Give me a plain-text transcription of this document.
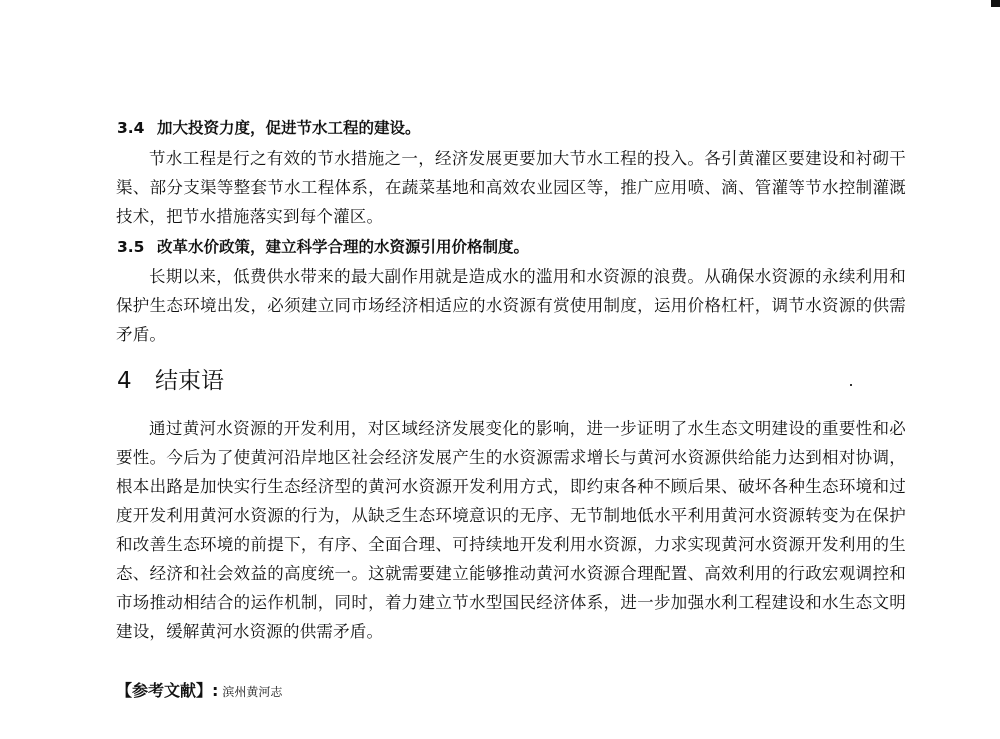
3.4 加大投资力度，促进节水工程的建设。

节水工程是行之有效的节水措施之一，经济发展更要加大节水工程的投入。各引黄灌区要建设和衬砌干渠、部分支渠等整套节水工程体系，在蔬菜基地和高效农业园区等，推广应用喷、滴、管灌等节水控制灌溉技术，把节水措施落实到每个灌区。

3.5 改革水价政策，建立科学合理的水资源引用价格制度。

长期以来，低费供水带来的最大副作用就是造成水的滥用和水资源的浪费。从确保水资源的永续利用和保护生态环境出发，必须建立同市场经济相适应的水资源有赏使用制度，运用价格杠杆，调节水资源的供需矛盾。

4 结束语

通过黄河水资源的开发利用，对区域经济发展变化的影响，进一步证明了水生态文明建设的重要性和必要性。今后为了使黄河沿岸地区社会经济发展产生的水资源需求增长与黄河水资源供给能力达到相对协调，根本出路是加快实行生态经济型的黄河水资源开发利用方式，即约束各种不顾后果、破坏各种生态环境和过度开发利用黄河水资源的行为，从缺乏生态环境意识的无序、无节制地低水平利用黄河水资源转变为在保护和改善生态环境的前提下，有序、全面合理、可持续地开发利用水资源，力求实现黄河水资源开发利用的生态、经济和社会效益的高度统一。这就需要建立能够推动黄河水资源合理配置、高效利用的行政宏观调控和市场推动相结合的运作机制，同时，着力建立节水型国民经济体系，进一步加强水利工程建设和水生态文明建设，缓解黄河水资源的供需矛盾。

【参考文献】: 滨州黄河志
